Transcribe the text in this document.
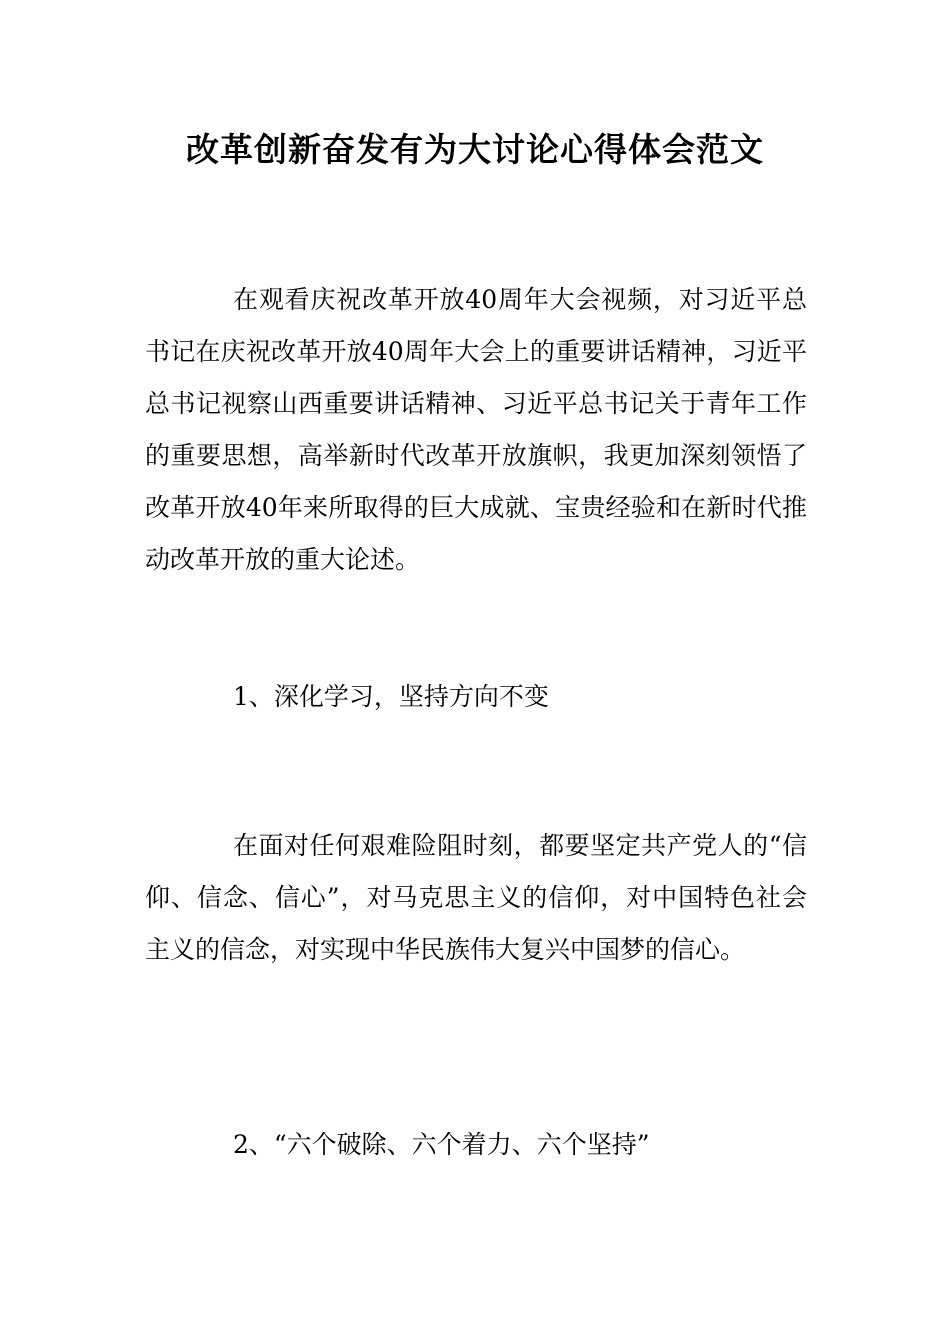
改革创新奋发有为大讨论心得体会范文

在观看庆祝改革开放40周年大会视频，对习近平总书记在庆祝改革开放40周年大会上的重要讲话精神，习近平总书记视察山西重要讲话精神、习近平总书记关于青年工作的重要思想，高举新时代改革开放旗帜，我更加深刻领悟了改革开放40年来所取得的巨大成就、宝贵经验和在新时代推动改革开放的重大论述。

1、深化学习，坚持方向不变

在面对任何艰难险阻时刻，都要坚定共产党人的“信仰、信念、信心”，对马克思主义的信仰，对中国特色社会主义的信念，对实现中华民族伟大复兴中国梦的信心。

2、“六个破除、六个着力、六个坚持”
